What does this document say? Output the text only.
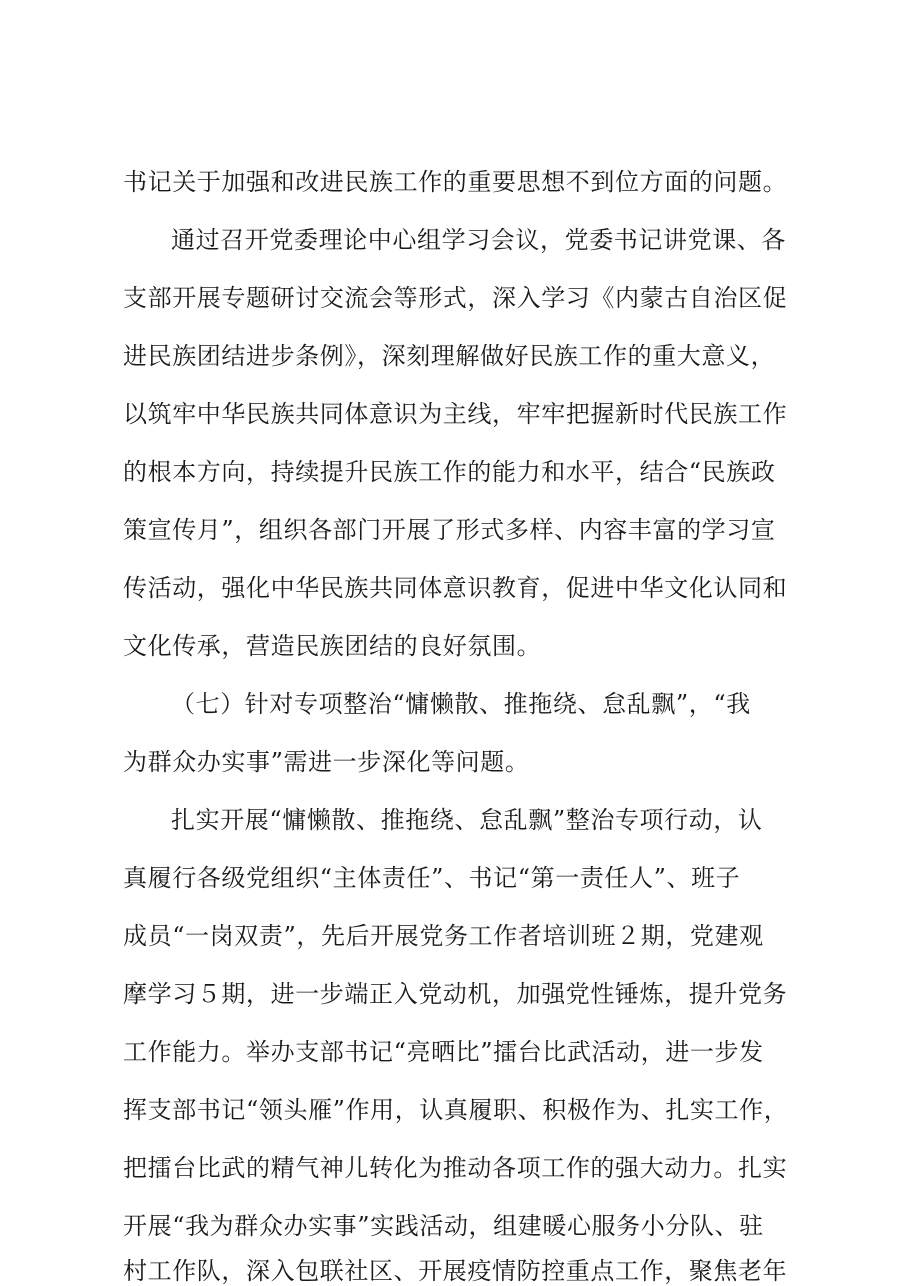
书记关于加强和改进民族工作的重要思想不到位方面的问题。
通过召开党委理论中心组学习会议，党委书记讲党课、各
支部开展专题研讨交流会等形式，深入学习《内蒙古自治区促
进民族团结进步条例》，深刻理解做好民族工作的重大意义，
以筑牢中华民族共同体意识为主线，牢牢把握新时代民族工作
的根本方向，持续提升民族工作的能力和水平，结合“民族政
策宣传月”，组织各部门开展了形式多样、内容丰富的学习宣
传活动，强化中华民族共同体意识教育，促进中华文化认同和
文化传承，营造民族团结的良好氛围。
（七）针对专项整治“慵懒散、推拖绕、怠乱飘”，“我
为群众办实事”需进一步深化等问题。
扎实开展“慵懒散、推拖绕、怠乱飘”整治专项行动，认
真履行各级党组织“主体责任”、书记“第一责任人”、班子
成员“一岗双责”，先后开展党务工作者培训班２期，党建观
摩学习５期，进一步端正入党动机，加强党性锤炼，提升党务
工作能力。举办支部书记“亮晒比”擂台比武活动，进一步发
挥支部书记“领头雁”作用，认真履职、积极作为、扎实工作，
把擂台比武的精气神儿转化为推动各项工作的强大动力。扎实
开展“我为群众办实事”实践活动，组建暖心服务小分队、驻
村工作队，深入包联社区、开展疫情防控重点工作，聚焦老年
